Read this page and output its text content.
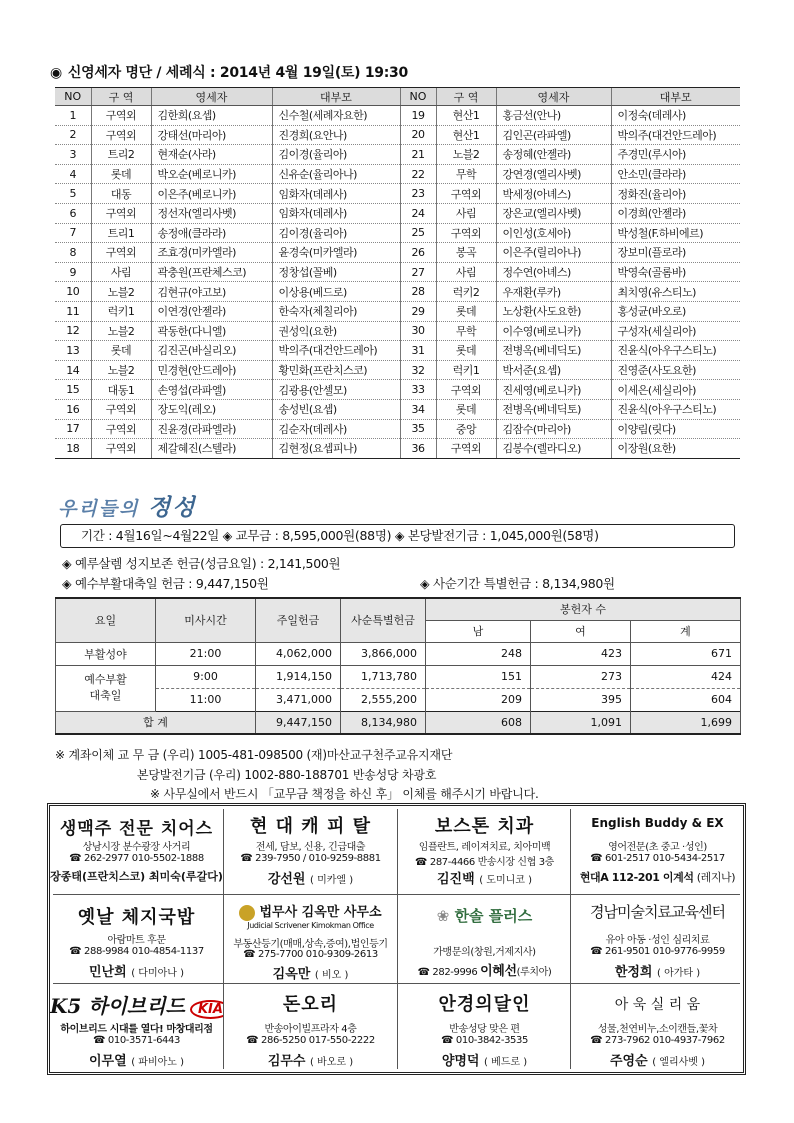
◉ 신영세자 명단 / 세례식 : 2014년 4월 19일(토) 19:30
NO	구 역	영세자	대부모	NO	구 역	영세자	대부모
1	구역외	김한희(요셉)	신수철(세례자요한)	19	현산1	홍금선(안나)	이정숙(데레사)
2	구역외	강태선(마리아)	진경희(요안나)	20	현산1	김인곤(라파엘)	박의주(대건안드레아)
3	트리2	현재순(사라)	김이경(율리아)	21	노블2	송정혜(안젤라)	주경민(루시아)
4	롯데	박오순(베로니카)	신유순(율리아나)	22	무학	강연경(엘리사벳)	안소민(클라라)
5	대동	이은주(베로니카)	임화자(데레사)	23	구역외	박세정(아녜스)	정화진(율리아)
6	구역외	정선자(엘리사벳)	임화자(데레사)	24	사림	장은교(엘리사벳)	이경희(안젤라)
7	트리1	송정애(클라라)	김이경(율리아)	25	구역외	이인성(호세아)	박성철(F.하비에르)
8	구역외	조효경(미카엘라)	윤경숙(미카엘라)	26	봉곡	이은주(릴리아나)	장보미(플로라)
9	사림	곽충원(프란체스코)	정창섭(꼴베)	27	사림	정수연(아녜스)	박영숙(골롬바)
10	노블2	김현규(야고보)	이상용(베드로)	28	럭키2	우재환(루카)	최치영(유스티노)
11	럭키1	이연경(안젤라)	한숙자(체칠리아)	29	롯데	노상환(사도요한)	홍성균(바오로)
12	노블2	곽동한(다니엘)	권성익(요한)	30	무학	이수영(베로니카)	구성자(세실리아)
13	롯데	김진곤(바실리오)	박의주(대건안드레아)	31	롯데	전병옥(베네딕도)	진윤식(아우구스티노)
14	노블2	민경현(안드레아)	황민화(프란치스코)	32	럭키1	박서준(요셉)	진영준(사도요한)
15	대동1	손영섭(라파엘)	김광용(안셀모)	33	구역외	진세영(베로니카)	이세은(세실리아)
16	구역외	장도익(레오)	송성빈(요셉)	34	롯데	전병옥(베네딕토)	진윤식(아우구스티노)
17	구역외	진윤경(라파엘라)	김순자(데레사)	35	중앙	김잠수(마리아)	이양림(릿다)
18	구역외	제갈혜진(스텔라)	김현정(요셉피나)	36	구역외	김봉수(렐라디오)	이장원(요한)
우리들의 정성
기간 : 4월16일~4월22일 ◈ 교무금 : 8,595,000원(88명) ◈ 본당발전기금 : 1,045,000원(58명)
◈ 예루살렘 성지보존 헌금(성금요일) : 2,141,500원
◈ 예수부활대축일 헌금 : 9,447,150원	◈ 사순기간 특별헌금 : 8,134,980원
요일	미사시간	주일헌금	사순특별헌금	봉헌자 수		
				남	여	계
부활성야	21:00	4,062,000	3,866,000	248	423	671
예수부활
대축일	9:00	1,914,150	1,713,780	151	273	424
	11:00	3,471,000	2,555,200	209	395	604
합 계		9,447,150	8,134,980	608	1,091	1,699
※ 계좌이체 교 무 금 (우리) 1005-481-098500 (재)마산교구천주교유지재단
본당발전기금 (우리) 1002-880-188701 반송성당 차광호
※ 사무실에서 반드시 「교무금 책정을 하신 후」 이체를 해주시기 바랍니다.
생맥주 전문 치어스
상남시장 분수광장 사거리
☎ 262-2977 010-5502-1888
장종태(프란치스코) 최미숙(루갈다)
현 대 캐 피 탈
전세, 담보, 신용, 긴급대출
☎ 239-7950 / 010-9259-8881
강선원 ( 미카엘 )
보스톤 치과
임플란트, 레이져치료, 치아미백
☎ 287-4466 반송시장 신협 3층
김진백 ( 도미니코 )
English Buddy & EX
영어전문(초 중고 ·성인)
☎ 601-2517 010-5434-2517
현대A 112-201 이계석 (레지나)
옛날 체지국밥
아람마트 후문
☎ 288-9984 010-4854-1137
민난희 ( 다미아나 )
법무사 김옥만 사무소
Judicial Scrivener Kimokman Office
부동산등기(매매,상속,증여),법인등기
☎ 275-7700 010-9309-2613
김옥만 ( 비오 )
❀ 한솔 플러스
가맹문의(창원,거제지사)
☎ 282-9996 이혜선(루치아)
경남미술치료교육센터
유아 아동 ·성인 심리치료
☎ 261-9501 010-9776-9959
한정희 ( 아가타 )
K5 하이브리드 KIA
하이브리드 시대를 열다! 마창대리점
☎ 010-3571-6443
이무열 ( 파비아노 )
돈오리
반송아이빌프라자 4층
☎ 286-5250 017-550-2222
김무수 ( 바오로 )
안경의달인
반송성당 맞은 편
☎ 010-3842-3535
양명덕 ( 베드로 )
아 욱 실 리 움
성물,천연비누,소이캔들,꽃차
☎ 273-7962 010-4937-7962
주영순 ( 엘리사벳 )
